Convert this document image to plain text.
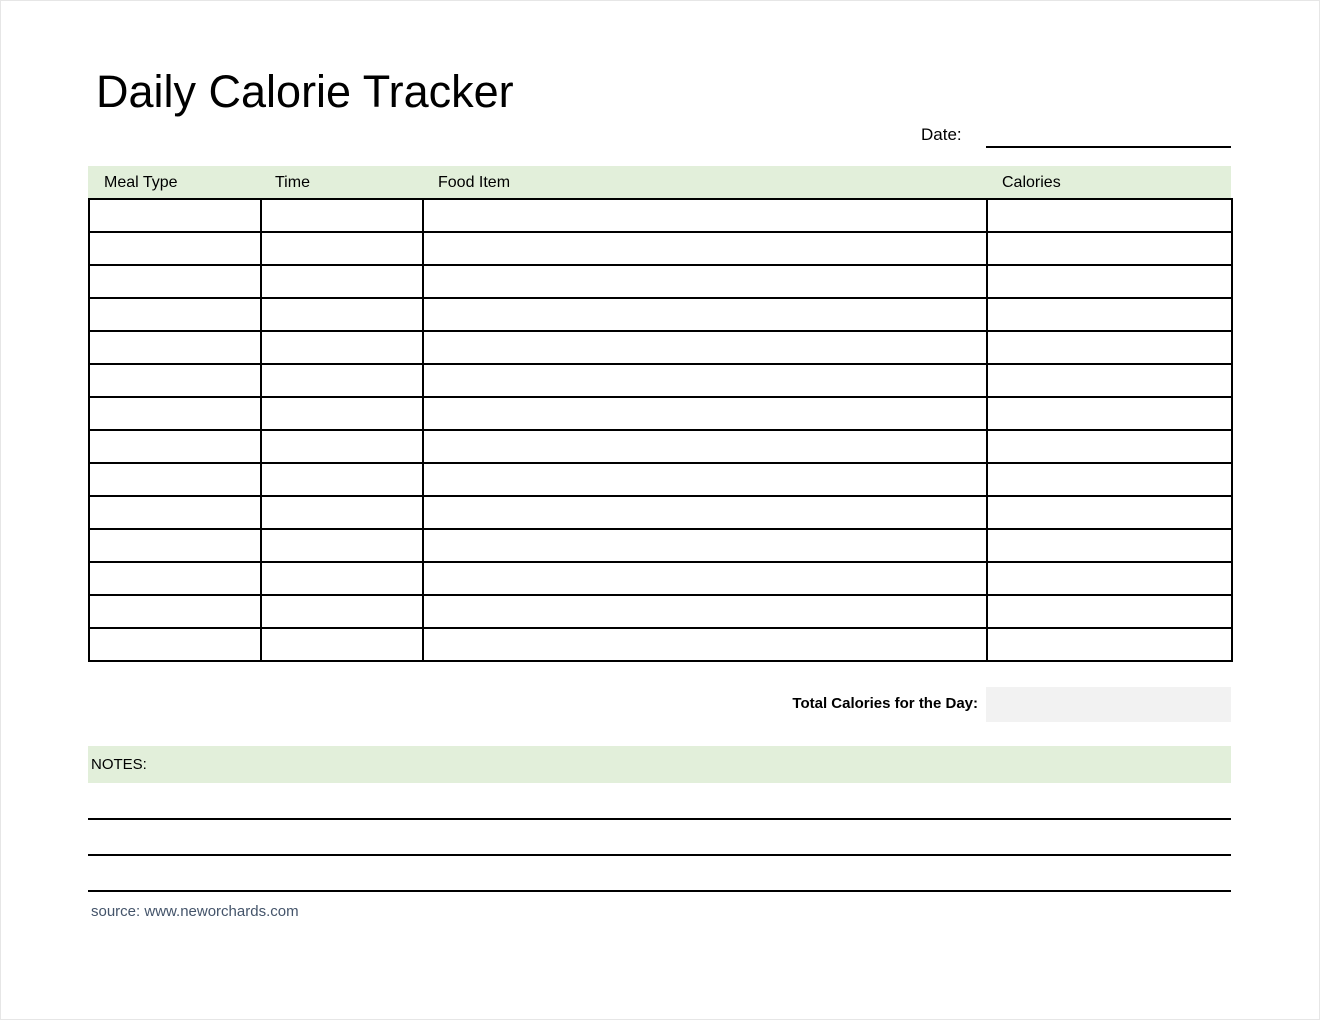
Daily Calorie Tracker
Date:
Meal Type	Time	Food Item	Calories

Total Calories for the Day:
NOTES:
source: www.neworchards.com
